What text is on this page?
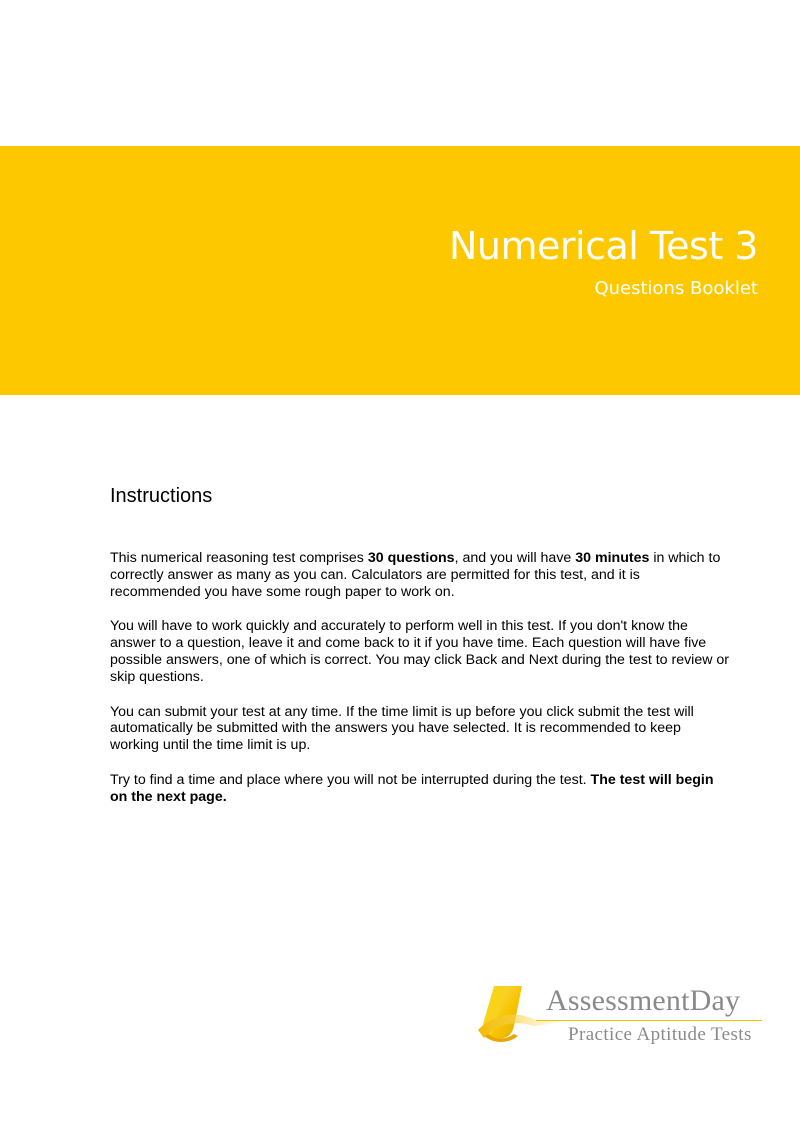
Numerical Test 3

Questions Booklet

Instructions

This numerical reasoning test comprises 30 questions, and you will have 30 minutes in which to correctly answer as many as you can. Calculators are permitted for this test, and it is recommended you have some rough paper to work on.

You will have to work quickly and accurately to perform well in this test. If you don't know the answer to a question, leave it and come back to it if you have time. Each question will have five possible answers, one of which is correct. You may click Back and Next during the test to review or skip questions.

You can submit your test at any time. If the time limit is up before you click submit the test will automatically be submitted with the answers you have selected. It is recommended to keep working until the time limit is up.

Try to find a time and place where you will not be interrupted during the test. The test will begin on the next page.

AssessmentDay

Practice Aptitude Tests
